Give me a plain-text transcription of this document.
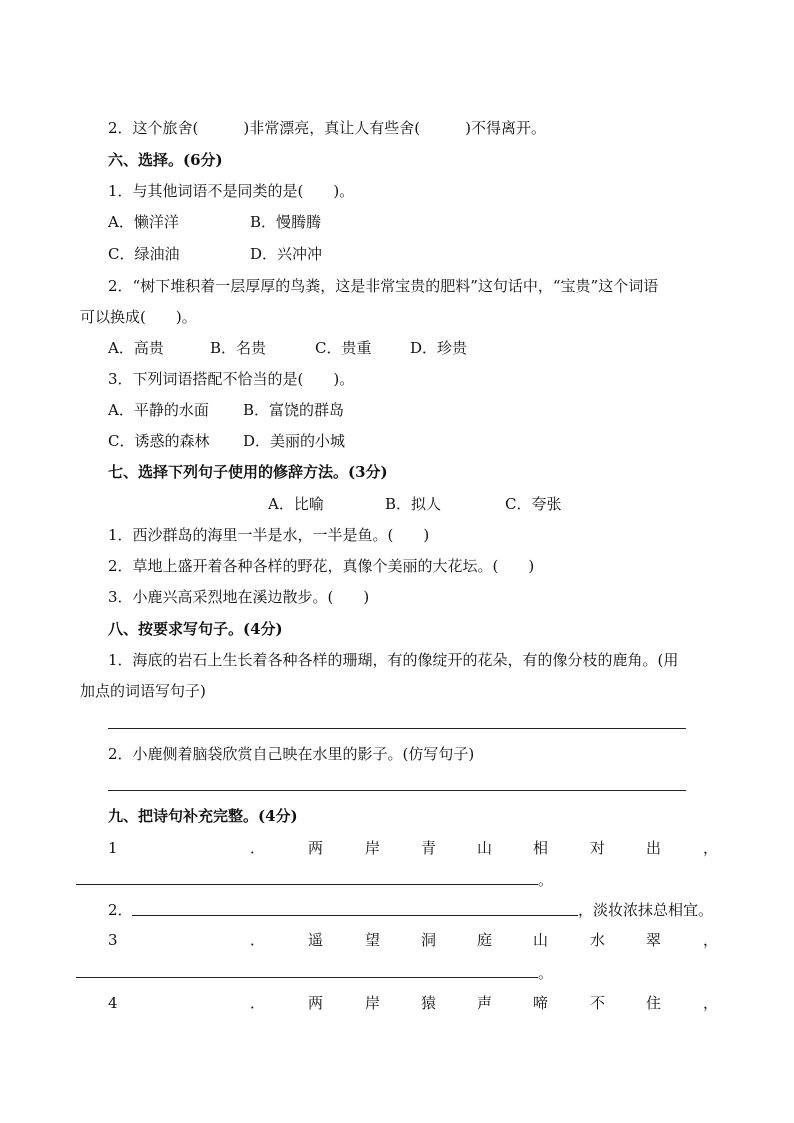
2．这个旅舍(　　　)非常漂亮，真让人有些舍(　　　)不得离开。
六、选择。(6分)
1．与其他词语不是同类的是(　　)。
A．懒洋洋	B．慢腾腾
C．绿油油	D．兴冲冲
2．“树下堆积着一层厚厚的鸟粪，这是非常宝贵的肥料”这句话中，“宝贵”这个词语
可以换成(　　)。
A．高贵	B．名贵	C．贵重	D．珍贵
3．下列词语搭配不恰当的是(　　)。
A．平静的水面 B．富饶的群岛
C．诱惑的森林 D．美丽的小城
七、选择下列句子使用的修辞方法。(3分)
A．比喻	B．拟人	C．夸张
1．西沙群岛的海里一半是水，一半是鱼。(　　)
2．草地上盛开着各种各样的野花，真像个美丽的大花坛。(　　)
3．小鹿兴高采烈地在溪边散步。(　　)
八、按要求写句子。(4分)
1．海底的岩石上生长着各种各样的珊瑚，有的像绽开的花朵，有的像分枝的鹿角。(用
加点的词语写句子)
2．小鹿侧着脑袋欣赏自己映在水里的影子。(仿写句子)
九、把诗句补充完整。(4分)
1	．	两	岸	青	山	相	对	出	，
。
2．	，淡妆浓抹总相宜。
3	．	遥	望	洞	庭	山	水	翠	，
。
4	．	两	岸	猿	声	啼	不	住	，
